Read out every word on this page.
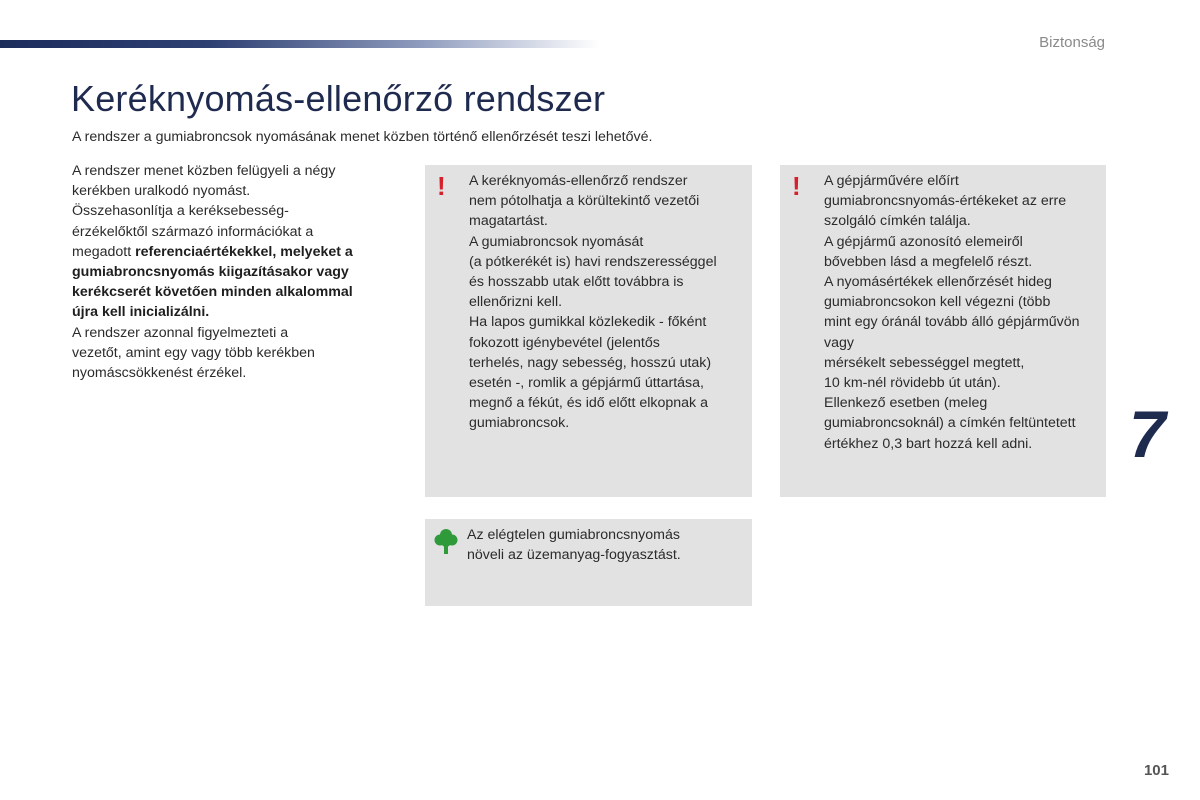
Biztonság
Keréknyomás-ellenőrző rendszer

A rendszer a gumiabroncsok nyomásának menet közben történő ellenőrzését teszi lehetővé.

A rendszer menet közben felügyeli a négy

kerékben uralkodó nyomást.

Összehasonlítja a keréksebesség-

érzékelőktől származó információkat a

megadott referenciaértékekkel, melyeket a

gumiabroncsnyomás kiigazításakor vagy

kerékcserét követően minden alkalommal

újra kell inicializálni.

A rendszer azonnal figyelmezteti a

vezetőt, amint egy vagy több kerékben

nyomáscsökkenést érzékel.

! A keréknyomás-ellenőrző rendszer

nem pótolhatja a körültekintő vezetői

magatartást.

A gumiabroncsok nyomását

(a pótkerékét is) havi rendszerességgel

és hosszabb utak előtt továbbra is

ellenőrizni kell.

Ha lapos gumikkal közlekedik - főként

fokozott igénybevétel (jelentős

terhelés, nagy sebesség, hosszú utak)

esetén -, romlik a gépjármű úttartása,

megnő a fékút, és idő előtt elkopnak a

gumiabroncsok.

! A gépjárművére előírt

gumiabroncsnyomás-értékeket az erre

szolgáló címkén találja.

A gépjármű azonosító elemeiről

bővebben lásd a megfelelő részt.

A nyomásértékek ellenőrzését hideg

gumiabroncsokon kell végezni (több

mint egy óránál tovább álló gépjárművön vagy

mérsékelt sebességgel megtett,

10 km-nél rövidebb út után).

Ellenkező esetben (meleg

gumiabroncsoknál) a címkén feltüntetett

értékhez 0,3 bart hozzá kell adni.

Az elégtelen gumiabroncsnyomás
növeli az üzemanyag-fogyasztást.
7
101
